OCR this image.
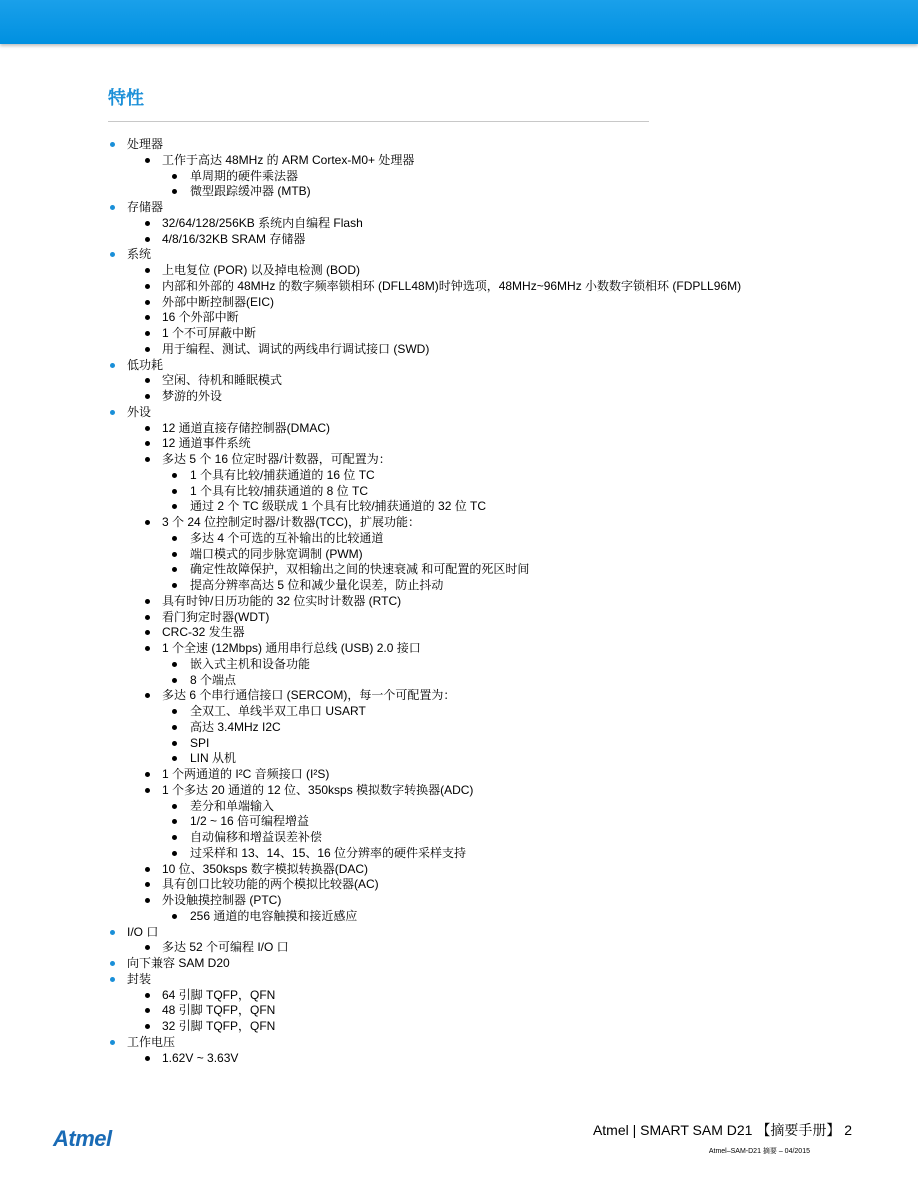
特性
处理器
工作于高达 48MHz 的 ARM Cortex-M0+ 处理器
单周期的硬件乘法器
微型跟踪缓冲器 (MTB)
存储器
32/64/128/256KB 系统内自编程 Flash
4/8/16/32KB SRAM 存储器
系统
上电复位 (POR) 以及掉电检测 (BOD)
内部和外部的 48MHz 的数字频率锁相环 (DFLL48M)时钟选项，48MHz~96MHz 小数数字锁相环 (FDPLL96M)
外部中断控制器(EIC)
16 个外部中断
1 个不可屏蔽中断
用于编程、测试、调试的两线串行调试接口 (SWD)
低功耗
空闲、待机和睡眠模式
梦游的外设
外设
12 通道直接存储控制器(DMAC)
12 通道事件系统
多达 5 个 16 位定时器/计数器，可配置为：
1 个具有比较/捕获通道的 16 位 TC
1 个具有比较/捕获通道的 8 位 TC
通过 2 个 TC 级联成 1 个具有比较/捕获通道的 32 位 TC
3 个 24 位控制定时器/计数器(TCC)，扩展功能：
多达 4 个可选的互补输出的比较通道
端口模式的同步脉宽调制 (PWM)
确定性故障保护，双相输出之间的快速衰减 和可配置的死区时间
提高分辨率高达 5 位和减少量化误差，防止抖动
具有时钟/日历功能的 32 位实时计数器 (RTC)
看门狗定时器(WDT)
CRC-32 发生器
1 个全速 (12Mbps) 通用串行总线 (USB) 2.0 接口
嵌入式主机和设备功能
8 个端点
多达 6 个串行通信接口 (SERCOM)，每一个可配置为：
全双工、单线半双工串口 USART
高达 3.4MHz I2C
SPI
LIN 从机
1 个两通道的 I²C 音频接口 (I²S)
1 个多达 20 通道的 12 位、350ksps 模拟数字转换器(ADC)
差分和单端输入
1/2 ~ 16 倍可编程增益
自动偏移和增益误差补偿
过采样和 13、14、15、16 位分辨率的硬件采样支持
10 位、350ksps 数字模拟转换器(DAC)
具有创口比较功能的两个模拟比较器(AC)
外设触摸控制器 (PTC)
256 通道的电容触摸和接近感应
I/O 口
多达 52 个可编程 I/O 口
向下兼容 SAM D20
封装
64 引脚 TQFP，QFN
48 引脚 TQFP，QFN
32 引脚 TQFP，QFN
工作电压
1.62V ~ 3.63V
Atmel	Atmel | SMART SAM D21 【摘要手册】 2
Atmel–SAM-D21 摘要 – 04/2015
